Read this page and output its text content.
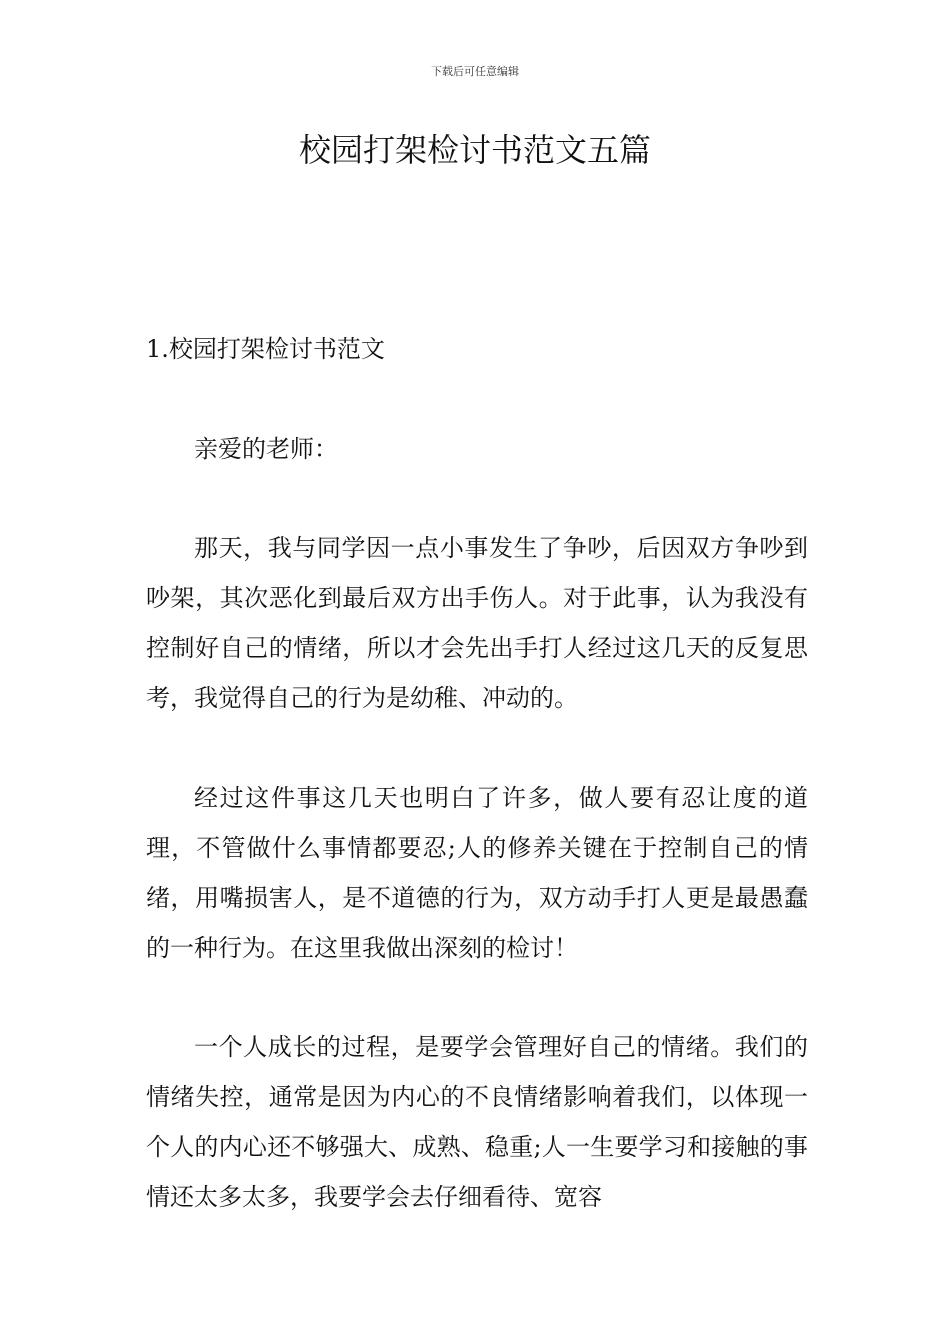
下载后可任意编辑
校园打架检讨书范文五篇
1.校园打架检讨书范文

亲爱的老师：

那天，我与同学因一点小事发生了争吵，后因双方争吵到吵架，其次恶化到最后双方出手伤人。对于此事，认为我没有控制好自己的情绪，所以才会先出手打人经过这几天的反复思考，我觉得自己的行为是幼稚、冲动的。

经过这件事这几天也明白了许多，做人要有忍让度的道理，不管做什么事情都要忍;人的修养关键在于控制自己的情绪，用嘴损害人，是不道德的行为，双方动手打人更是最愚蠢的一种行为。在这里我做出深刻的检讨！

一个人成长的过程，是要学会管理好自己的情绪。我们的情绪失控，通常是因为内心的不良情绪影响着我们，以体现一个人的内心还不够强大、成熟、稳重;人一生要学习和接触的事情还太多太多，我要学会去仔细看待、宽容
